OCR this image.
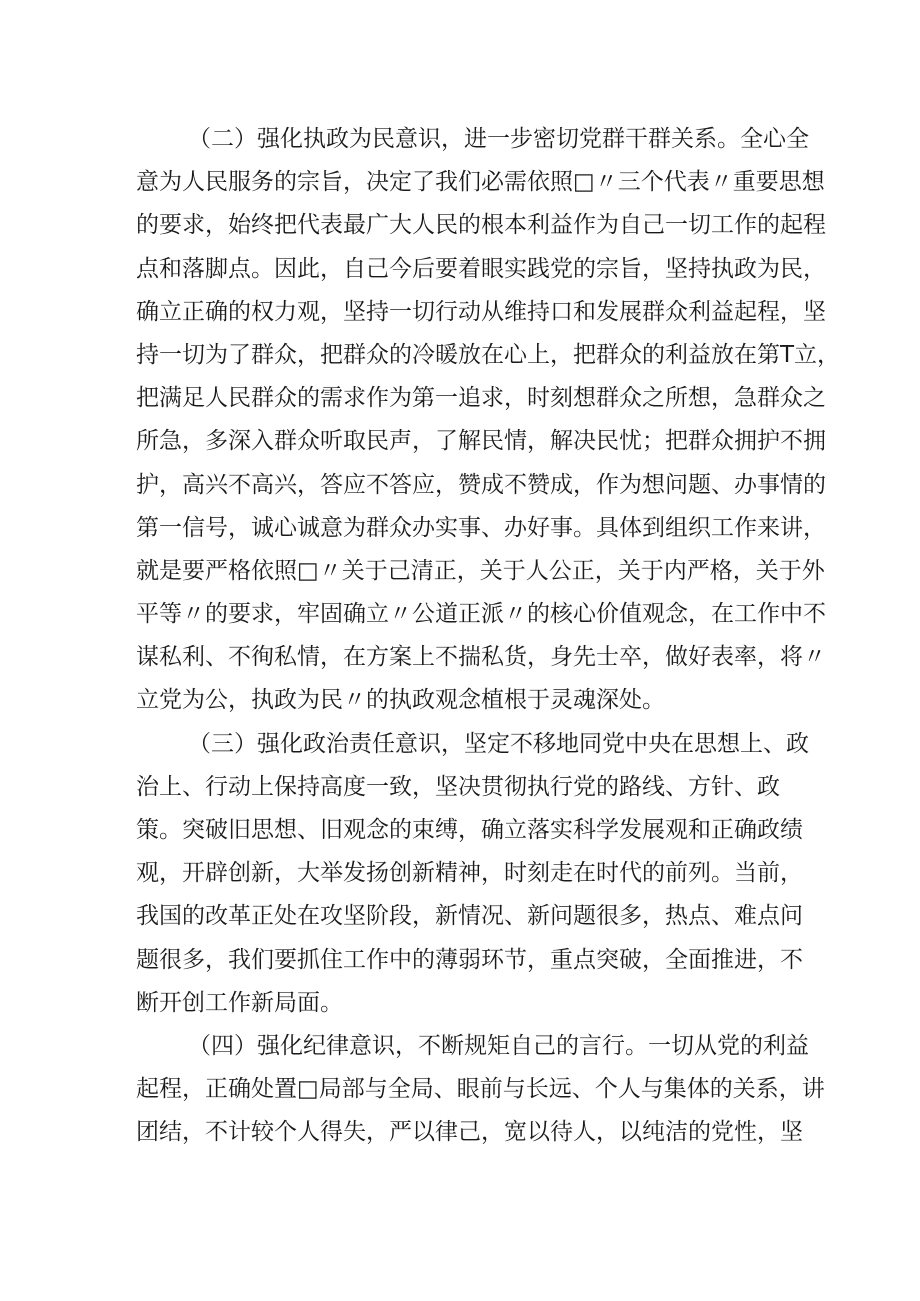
（二）强化执政为民意识，进一步密切党群干群关系。全心全
意为人民服务的宗旨，决定了我们必需依照□〃三个代表〃重要思想
的要求，始终把代表最广大人民的根本利益作为自己一切工作的起程
点和落脚点。因此，自己今后要着眼实践党的宗旨，坚持执政为民，
确立正确的权力观，坚持一切行动从维持口和发展群众利益起程，坚
持一切为了群众，把群众的冷暖放在心上，把群众的利益放在第T立，
把满足人民群众的需求作为第一追求，时刻想群众之所想，急群众之
所急，多深入群众听取民声，了解民情，解决民忧；把群众拥护不拥
护，高兴不高兴，答应不答应，赞成不赞成，作为想问题、办事情的
第一信号，诚心诚意为群众办实事、办好事。具体到组织工作来讲，
就是要严格依照□〃关于己清正，关于人公正，关于内严格，关于外
平等〃的要求，牢固确立〃公道正派〃的核心价值观念，在工作中不
谋私利、不徇私情，在方案上不揣私货，身先士卒，做好表率，将〃
立党为公，执政为民〃的执政观念植根于灵魂深处。
（三）强化政治责任意识，坚定不移地同党中央在思想上、政
治上、行动上保持高度一致，坚决贯彻执行党的路线、方针、政
策。突破旧思想、旧观念的束缚，确立落实科学发展观和正确政绩
观，开辟创新，大举发扬创新精神，时刻走在时代的前列。当前，
我国的改革正处在攻坚阶段，新情况、新问题很多，热点、难点问
题很多，我们要抓住工作中的薄弱环节，重点突破，全面推进，不
断开创工作新局面。
（四）强化纪律意识，不断规矩自己的言行。一切从党的利益
起程，正确处置□局部与全局、眼前与长远、个人与集体的关系，讲
团结，不计较个人得失，严以律己，宽以待人，以纯洁的党性，坚
